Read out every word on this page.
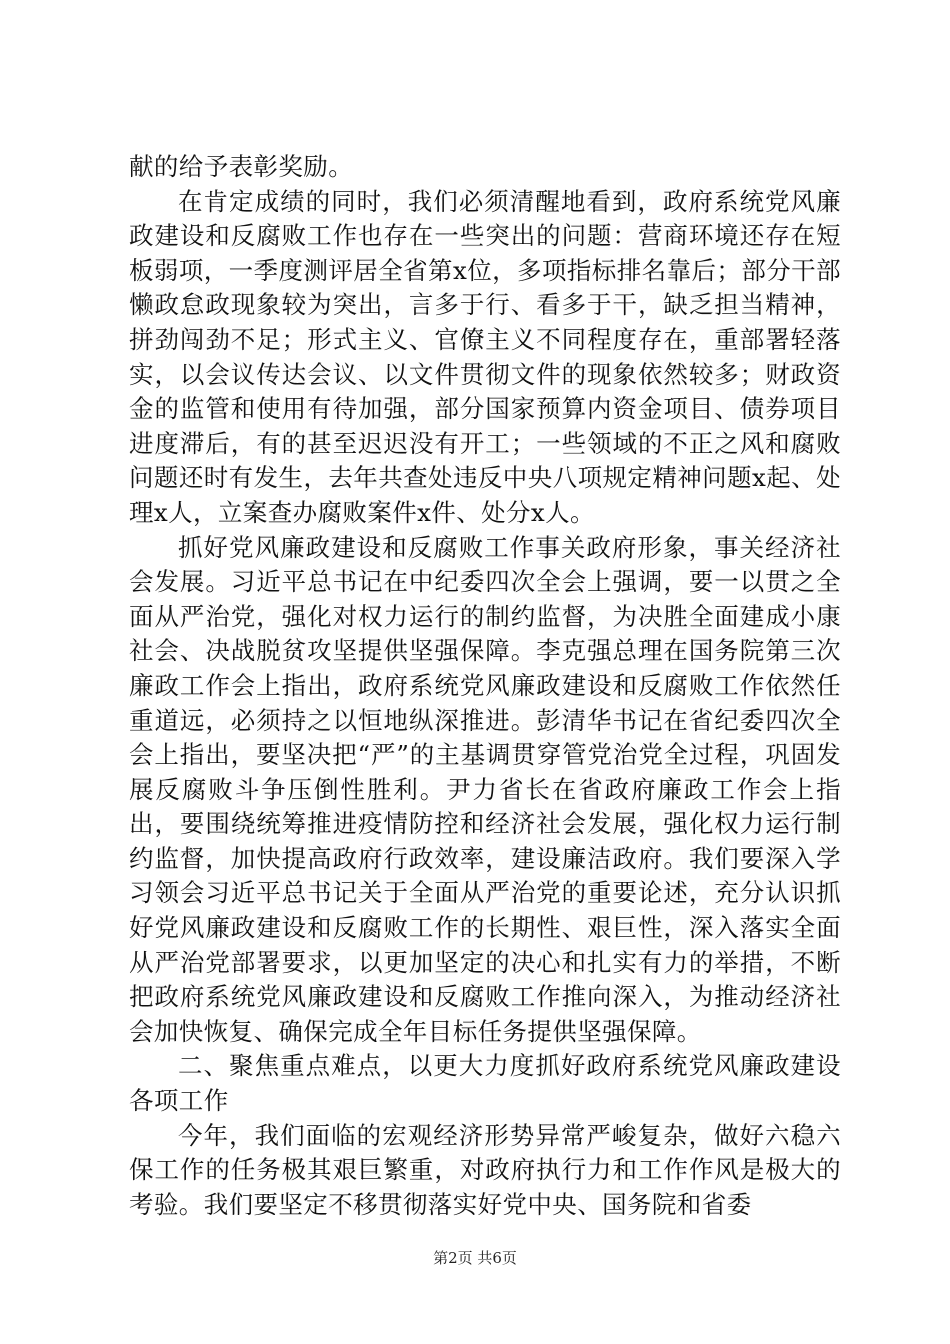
献的给予表彰奖励。

在肯定成绩的同时，我们必须清醒地看到，政府系统党风廉政建设和反腐败工作也存在一些突出的问题：营商环境还存在短板弱项，一季度测评居全省第x位，多项指标排名靠后；部分干部懒政怠政现象较为突出，言多于行、看多于干，缺乏担当精神，拼劲闯劲不足；形式主义、官僚主义不同程度存在，重部署轻落实，以会议传达会议、以文件贯彻文件的现象依然较多；财政资金的监管和使用有待加强，部分国家预算内资金项目、债券项目进度滞后，有的甚至迟迟没有开工；一些领域的不正之风和腐败问题还时有发生，去年共查处违反中央八项规定精神问题x起、处理x人，立案查办腐败案件x件、处分x人。

抓好党风廉政建设和反腐败工作事关政府形象，事关经济社会发展。习近平总书记在中纪委四次全会上强调，要一以贯之全面从严治党，强化对权力运行的制约监督，为决胜全面建成小康社会、决战脱贫攻坚提供坚强保障。李克强总理在国务院第三次廉政工作会上指出，政府系统党风廉政建设和反腐败工作依然任重道远，必须持之以恒地纵深推进。彭清华书记在省纪委四次全会上指出，要坚决把“严”的主基调贯穿管党治党全过程，巩固发展反腐败斗争压倒性胜利。尹力省长在省政府廉政工作会上指出，要围绕统筹推进疫情防控和经济社会发展，强化权力运行制约监督，加快提高政府行政效率，建设廉洁政府。我们要深入学习领会习近平总书记关于全面从严治党的重要论述，充分认识抓好党风廉政建设和反腐败工作的长期性、艰巨性，深入落实全面从严治党部署要求，以更加坚定的决心和扎实有力的举措，不断把政府系统党风廉政建设和反腐败工作推向深入，为推动经济社会加快恢复、确保完成全年目标任务提供坚强保障。

二、聚焦重点难点，以更大力度抓好政府系统党风廉政建设各项工作

今年，我们面临的宏观经济形势异常严峻复杂，做好六稳六保工作的任务极其艰巨繁重，对政府执行力和工作作风是极大的考验。我们要坚定不移贯彻落实好党中央、国务院和省委

第2页 共6页
